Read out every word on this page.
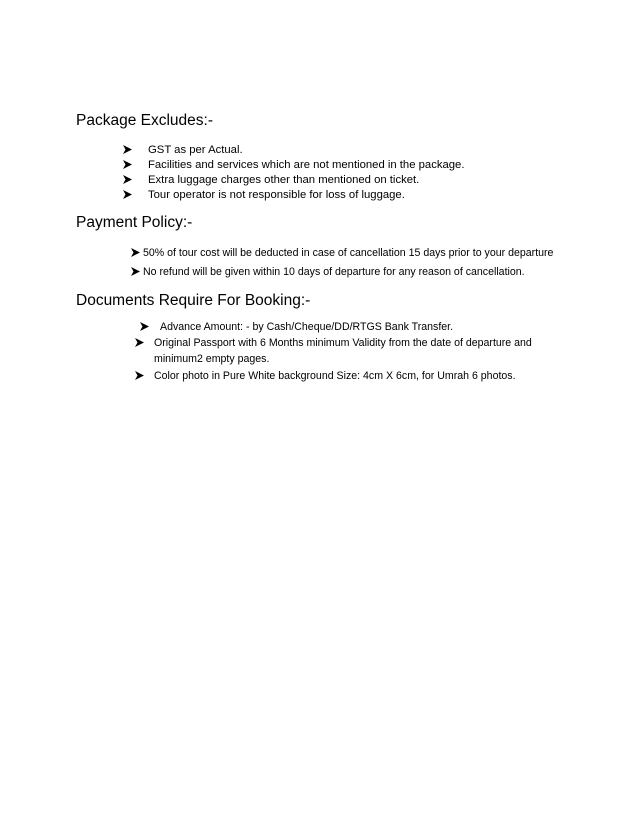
Package Excludes:-
GST as per Actual.
Facilities and services which are not mentioned in the package.
Extra luggage charges other than mentioned on ticket.
Tour operator is not responsible for loss of luggage.
Payment Policy:-
50% of tour cost will be deducted in case of cancellation 15 days prior to your departure
No refund will be given within 10 days of departure for any reason of cancellation.
Documents Require For Booking:-
Advance Amount: - by Cash/Cheque/DD/RTGS Bank Transfer.
Original Passport with 6 Months minimum Validity from the date of departure and
minimum2 empty pages.
Color photo in Pure White background Size: 4cm X 6cm, for Umrah 6 photos.
